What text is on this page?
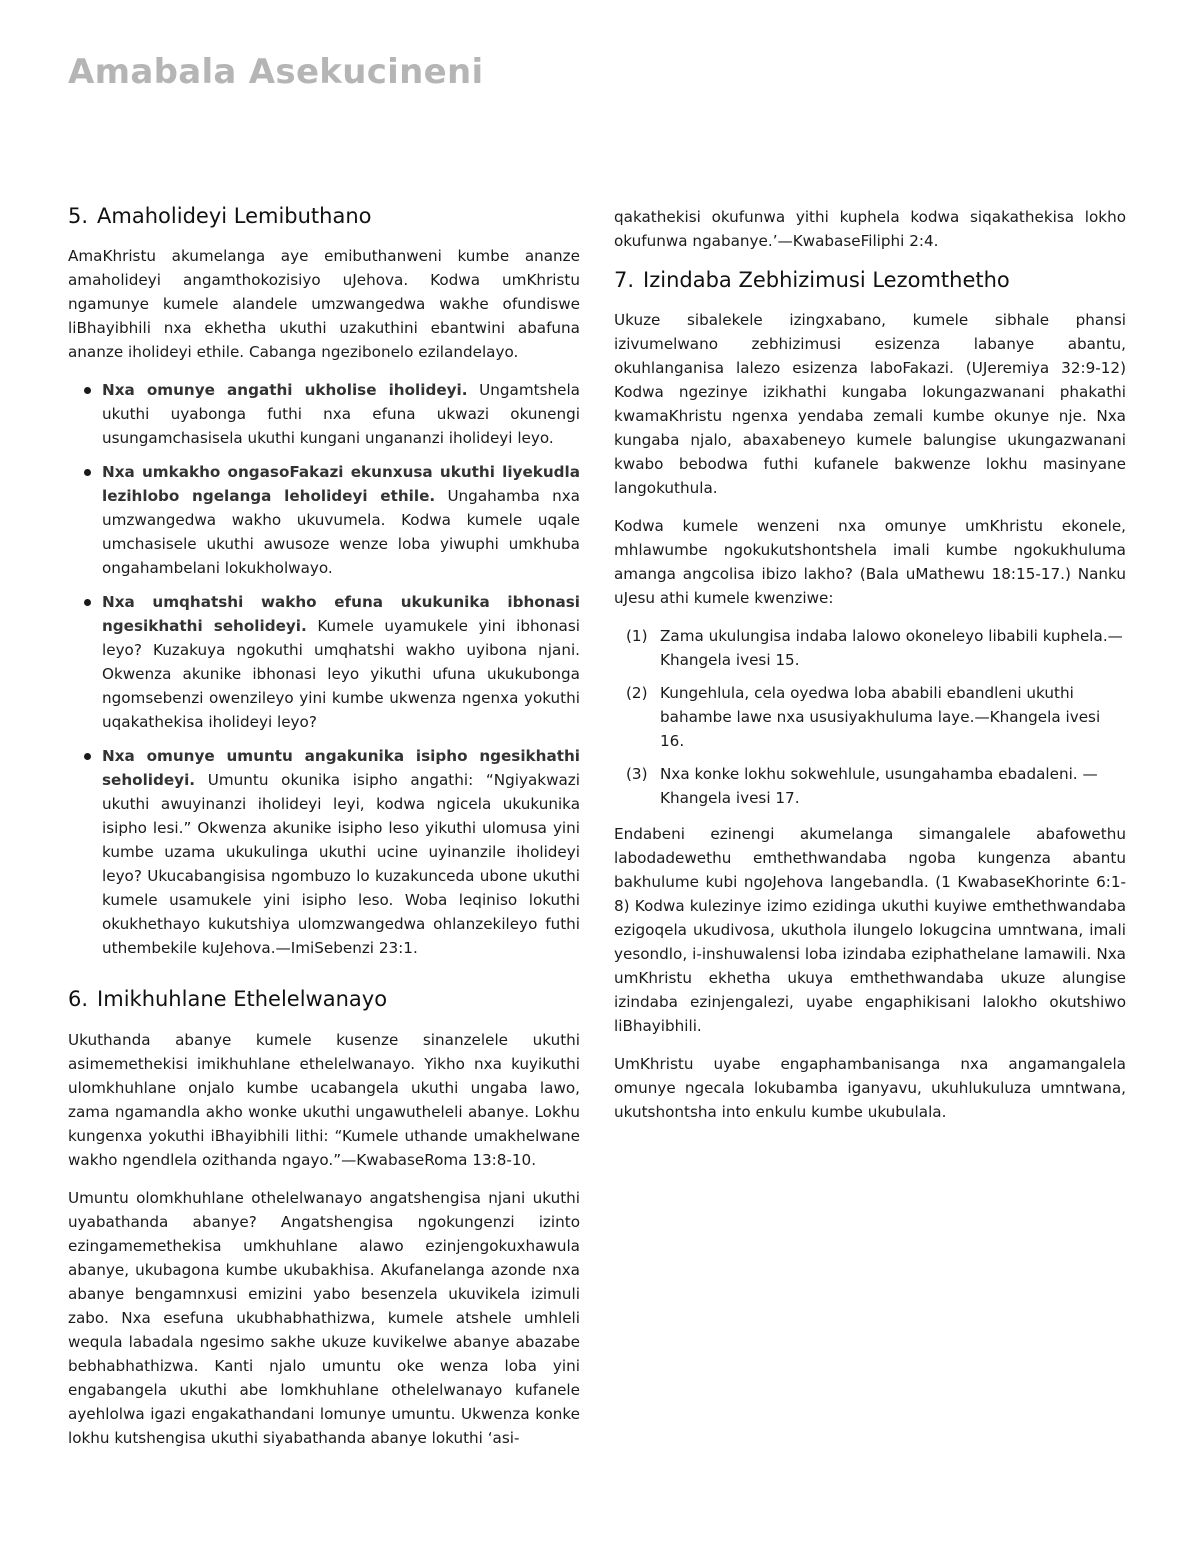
Amabala Asekucineni
5. Amaholideyi Lemibuthano

AmaKhristu akumelanga aye emibuthanweni kumbe ananze amaholideyi angamthokozisiyo uJehova. Kodwa umKhristu ngamunye kumele alandele umzwangedwa wakhe ofundiswe liBhayibhili nxa ekhetha ukuthi uzakuthini ebantwini abafuna ananze iholideyi ethile. Cabanga ngezibonelo ezilandelayo.

Nxa omunye angathi ukholise iholideyi. Ungamtshela ukuthi uyabonga futhi nxa efuna ukwazi okunengi usungamchasisela ukuthi kungani ungananzi iholideyi leyo.
Nxa umkakho ongasoFakazi ekunxusa ukuthi liyekudla lezihlobo ngelanga leholideyi ethile. Ungahamba nxa umzwangedwa wakho ukuvumela. Kodwa kumele uqale umchasisele ukuthi awusoze wenze loba yiwuphi umkhuba ongahambelani lokukholwayo.
Nxa umqhatshi wakho efuna ukukunika ibhonasi ngesikhathi seholideyi. Kumele uyamukele yini ibhonasi leyo? Kuzakuya ngokuthi umqhatshi wakho uyibona njani. Okwenza akunike ibhonasi leyo yikuthi ufuna ukukubonga ngomsebenzi owenzileyo yini kumbe ukwenza ngenxa yokuthi uqakathekisa iholideyi leyo?
Nxa omunye umuntu angakunika isipho ngesikhathi seholideyi. Umuntu okunika isipho angathi: “Ngiyakwazi ukuthi awuyinanzi iholideyi leyi, kodwa ngicela ukukunika isipho lesi.” Okwenza akunike isipho leso yikuthi ulomusa yini kumbe uzama ukukulinga ukuthi ucine uyinanzile iholideyi leyo? Ukucabangisisa ngombuzo lo kuzakunceda ubone ukuthi kumele usamukele yini isipho leso. Woba leqiniso lokuthi okukhethayo kukutshiya ulomzwangedwa ohlanzekileyo futhi uthembekile kuJehova.—ImiSebenzi 23:1.
6. Imikhuhlane Ethelelwanayo

Ukuthanda abanye kumele kusenze sinanzelele ukuthi asimemethekisi imikhuhlane ethelelwanayo. Yikho nxa kuyikuthi ulomkhuhlane onjalo kumbe ucabangela ukuthi ungaba lawo, zama ngamandla akho wonke ukuthi ungawutheleli abanye. Lokhu kungenxa yokuthi iBhayibhili lithi: “Kumele uthande umakhelwane wakho ngendlela ozithanda ngayo.”—KwabaseRoma 13:8-10.

Umuntu olomkhuhlane othelelwanayo angatshengisa njani ukuthi uyabathanda abanye? Angatshengisa ngokungenzi izinto ezingamemethekisa umkhuhlane alawo ezinjengokuxhawula abanye, ukubagona kumbe ukubakhisa. Akufanelanga azonde nxa abanye bengamnxusi emizini yabo besenzela ukuvikela izimuli zabo. Nxa esefuna ukubhabhathizwa, kumele atshele umhleli wequla labadala ngesimo sakhe ukuze kuvikelwe abanye abazabe bebhabhathizwa. Kanti njalo umuntu oke wenza loba yini engabangela ukuthi abe lomkhuhlane othelelwanayo kufanele ayehlolwa igazi engakathandani lomunye umuntu. Ukwenza konke lokhu kutshengisa ukuthi siyabathanda abanye lokuthi ‘asi-

qakathekisi okufunwa yithi kuphela kodwa siqakathekisa lokho okufunwa ngabanye.’—KwabaseFiliphi 2:4.

7. Izindaba Zebhizimusi Lezomthetho

Ukuze sibalekele izingxabano, kumele sibhale phansi izivumelwano zebhizimusi esizenza labanye abantu, okuhlanganisa lalezo esizenza laboFakazi. (UJeremiya 32:9-12) Kodwa ngezinye izikhathi kungaba lokungazwanani phakathi kwamaKhristu ngenxa yendaba zemali kumbe okunye nje. Nxa kungaba njalo, abaxabeneyo kumele balungise ukungazwanani kwabo bebodwa futhi kufanele bakwenze lokhu masinyane langokuthula.

Kodwa kumele wenzeni nxa omunye umKhristu ekonele, mhlawumbe ngokukutshontshela imali kumbe ngokukhuluma amanga angcolisa ibizo lakho? (Bala uMathewu 18:15-17.) Nanku uJesu athi kumele kwenziwe:

(1) Zama ukulungisa indaba lalowo okoneleyo libabili kuphela.—Khangela ivesi 15.
(2) Kungehlula, cela oyedwa loba ababili ebandleni ukuthi bahambe lawe nxa ususiyakhuluma laye.—Khangela ivesi 16.
(3) Nxa konke lokhu sokwehlule, usungahamba ebadaleni. —Khangela ivesi 17.

Endabeni ezinengi akumelanga simangalele abafowethu labodadewethu emthethwandaba ngoba kungenza abantu bakhulume kubi ngoJehova langebandla. (1 KwabaseKhorinte 6:1-8) Kodwa kulezinye izimo ezidinga ukuthi kuyiwe emthethwandaba ezigoqela ukudivosa, ukuthola ilungelo lokugcina umntwana, imali yesondlo, i-inshuwalensi loba izindaba eziphathelane lamawili. Nxa umKhristu ekhetha ukuya emthethwandaba ukuze alungise izindaba ezinjengalezi, uyabe engaphikisani lalokho okutshiwo liBhayibhili.

UmKhristu uyabe engaphambanisanga nxa angamangalela omunye ngecala lokubamba iganyavu, ukuhlukuluza umntwana, ukutshontsha into enkulu kumbe ukubulala.
